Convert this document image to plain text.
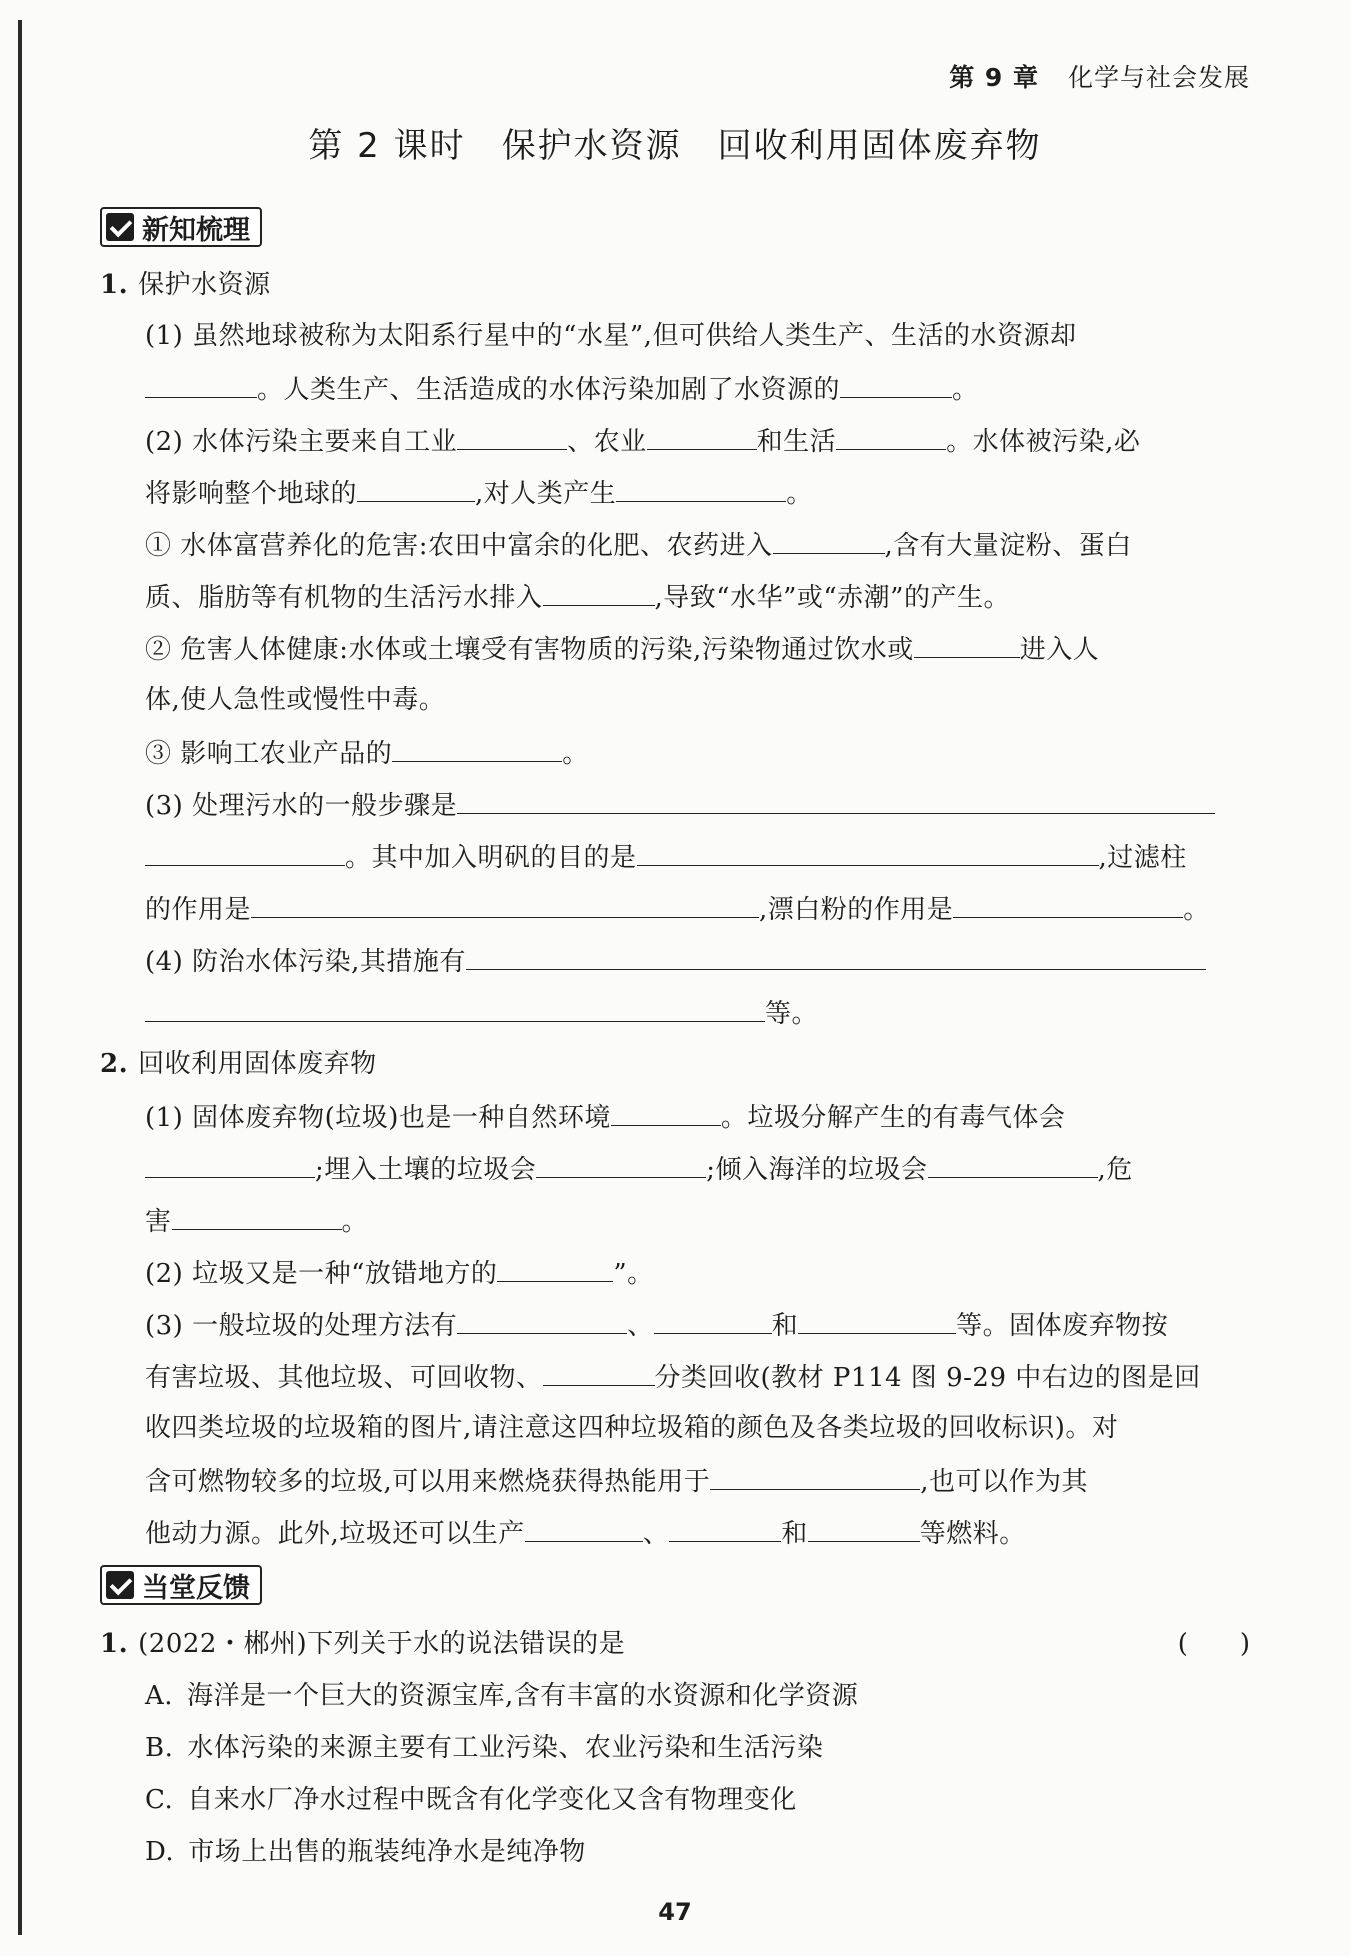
第 9 章 化学与社会发展
第 2 课时　保护水资源　回收利用固体废弃物
新知梳理
1. 保护水资源
(1) 虽然地球被称为太阳系行星中的“水星”,但可供给人类生产、生活的水资源却
。人类生产、生活造成的水体污染加剧了水资源的	。
(2) 水体污染主要来自工业	、农业	和生活	。水体被污染,必
将影响整个地球的	,对人类产生	。
① 水体富营养化的危害:农田中富余的化肥、农药进入	,含有大量淀粉、蛋白
质、脂肪等有机物的生活污水排入	,导致“水华”或“赤潮”的产生。
② 危害人体健康:水体或土壤受有害物质的污染,污染物通过饮水或	进入人
体,使人急性或慢性中毒。
③ 影响工农业产品的	。
(3) 处理污水的一般步骤是
。其中加入明矾的目的是	,过滤柱
的作用是	,漂白粉的作用是	。
(4) 防治水体污染,其措施有
等。
2. 回收利用固体废弃物
(1) 固体废弃物(垃圾)也是一种自然环境	。垃圾分解产生的有毒气体会
;埋入土壤的垃圾会	;倾入海洋的垃圾会	,危
害	。
(2) 垃圾又是一种“放错地方的	”。
(3) 一般垃圾的处理方法有	、	和	等。固体废弃物按
有害垃圾、其他垃圾、可回收物、	分类回收(教材 P114 图 9-29 中右边的图是回
收四类垃圾的垃圾箱的图片,请注意这四种垃圾箱的颜色及各类垃圾的回收标识)。对
含可燃物较多的垃圾,可以用来燃烧获得热能用于	,也可以作为其
他动力源。此外,垃圾还可以生产	、	和	等燃料。
当堂反馈
1. (2022・郴州)下列关于水的说法错误的是	(　　)
A. 海洋是一个巨大的资源宝库,含有丰富的水资源和化学资源
B. 水体污染的来源主要有工业污染、农业污染和生活污染
C. 自来水厂净水过程中既含有化学变化又含有物理变化
D. 市场上出售的瓶装纯净水是纯净物
47
